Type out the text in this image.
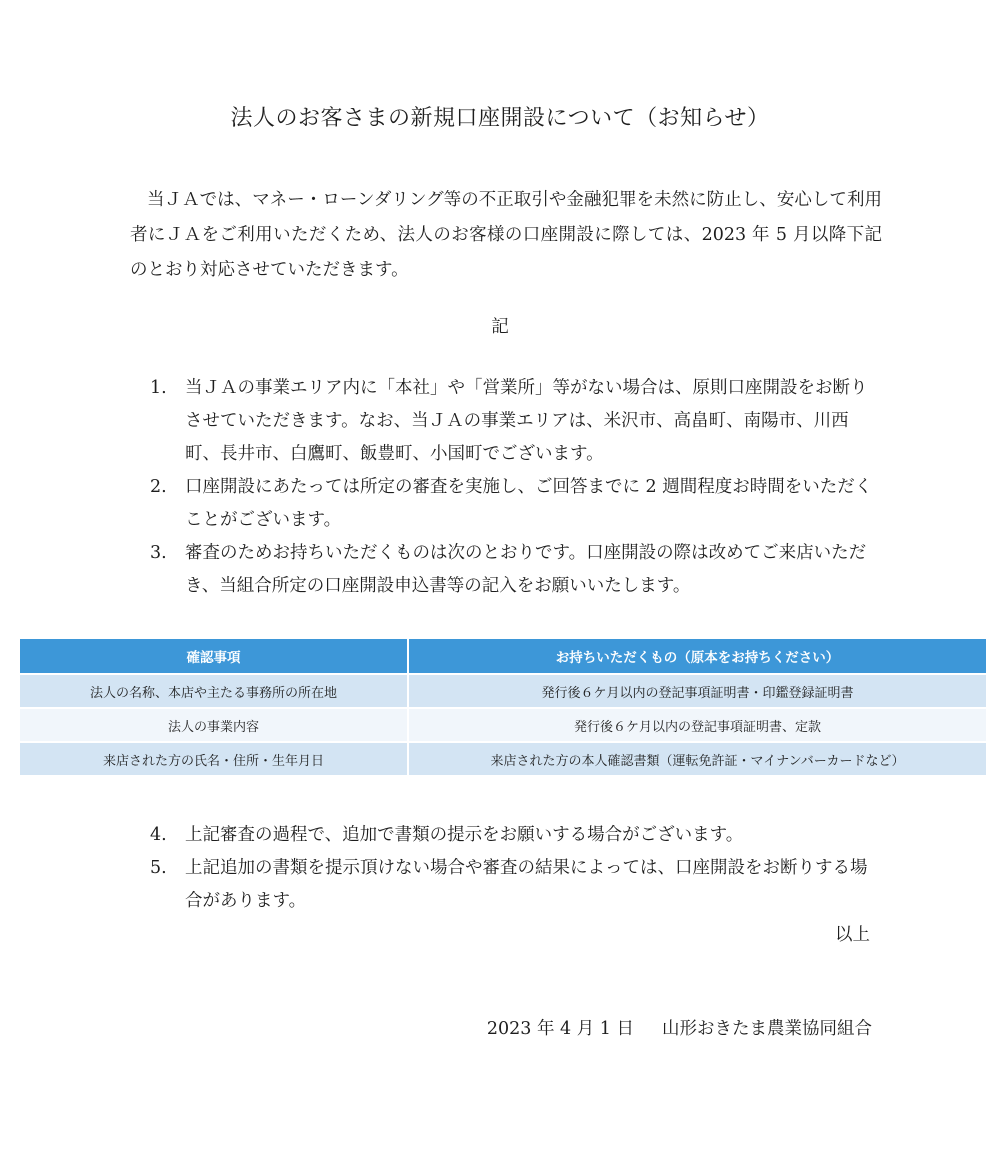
法人のお客さまの新規口座開設について（お知らせ）
当ＪＡでは、マネー・ローンダリング等の不正取引や金融犯罪を未然に防止し、安心して利用者にＪＡをご利用いただくため、法人のお客様の口座開設に際しては、2023 年 5 月以降下記のとおり対応させていただきます。
記
1.	当ＪＡの事業エリア内に「本社」や「営業所」等がない場合は、原則口座開設をお断りさせていただきます。なお、当ＪＡの事業エリアは、米沢市、高畠町、南陽市、川西町、長井市、白鷹町、飯豊町、小国町でございます。
2.	口座開設にあたっては所定の審査を実施し、ご回答までに 2 週間程度お時間をいただくことがございます。
3.	審査のためお持ちいただくものは次のとおりです。口座開設の際は改めてご来店いただき、当組合所定の口座開設申込書等の記入をお願いいたします。
確認事項	お持ちいただくもの（原本をお持ちください）
法人の名称、本店や主たる事務所の所在地	発行後６ケ月以内の登記事項証明書・印鑑登録証明書
法人の事業内容	発行後６ケ月以内の登記事項証明書、定款
来店された方の氏名・住所・生年月日	来店された方の本人確認書類（運転免許証・マイナンバーカードなど）
4.	上記審査の過程で、追加で書類の提示をお願いする場合がございます。
5.	上記追加の書類を提示頂けない場合や審査の結果によっては、口座開設をお断りする場合があります。
以上
2023 年 4 月 1 日 山形おきたま農業協同組合
